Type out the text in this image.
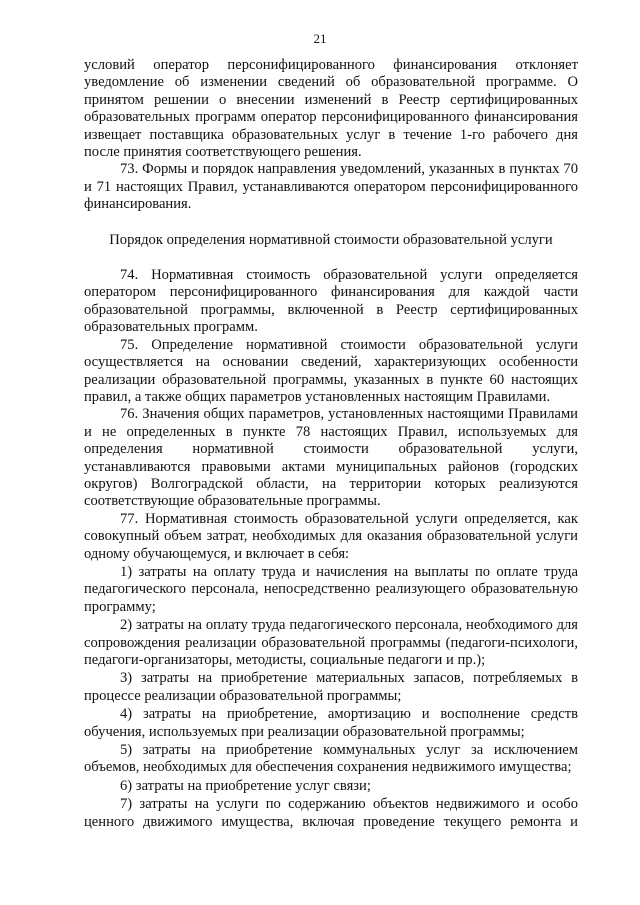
21

условий оператор персонифицированного финансирования отклоняет уведомление об изменении сведений об образовательной программе. О принятом решении о внесении изменений в Реестр сертифицированных образовательных программ оператор персонифицированного финансирования извещает поставщика образовательных услуг в течение 1-го рабочего дня после принятия соответствующего решения.

73. Формы и порядок направления уведомлений, указанных в пунктах 70 и 71 настоящих Правил, устанавливаются оператором персонифицированного финансирования.

Порядок определения нормативной стоимости образовательной услуги

74. Нормативная стоимость образовательной услуги определяется оператором персонифицированного финансирования для каждой части образовательной программы, включенной в Реестр сертифицированных образовательных программ.

75. Определение нормативной стоимости образовательной услуги осуществляется на основании сведений, характеризующих особенности реализации образовательной программы, указанных в пункте 60 настоящих правил, а также общих параметров установленных настоящим Правилами.

76. Значения общих параметров, установленных настоящими Правилами и не определенных в пункте 78 настоящих Правил, используемых для определения нормативной стоимости образовательной услуги, устанавливаются правовыми актами муниципальных районов (городских округов) Волгоградской области, на территории которых реализуются соответствующие образовательные программы.

77. Нормативная стоимость образовательной услуги определяется, как совокупный объем затрат, необходимых для оказания образовательной услуги одному обучающемуся, и включает в себя:

1) затраты на оплату труда и начисления на выплаты по оплате труда педагогического персонала, непосредственно реализующего образовательную программу;

2) затраты на оплату труда педагогического персонала, необходимого для сопровождения реализации образовательной программы (педагоги-психологи, педагоги-организаторы, методисты, социальные педагоги и пр.);

3) затраты на приобретение материальных запасов, потребляемых в процессе реализации образовательной программы;

4) затраты на приобретение, амортизацию и восполнение средств обучения, используемых при реализации образовательной программы;

5) затраты на приобретение коммунальных услуг за исключением объемов, необходимых для обеспечения сохранения недвижимого имущества;

6) затраты на приобретение услуг связи;

7) затраты на услуги по содержанию объектов недвижимого и особо ценного движимого имущества, включая проведение текущего ремонта и
